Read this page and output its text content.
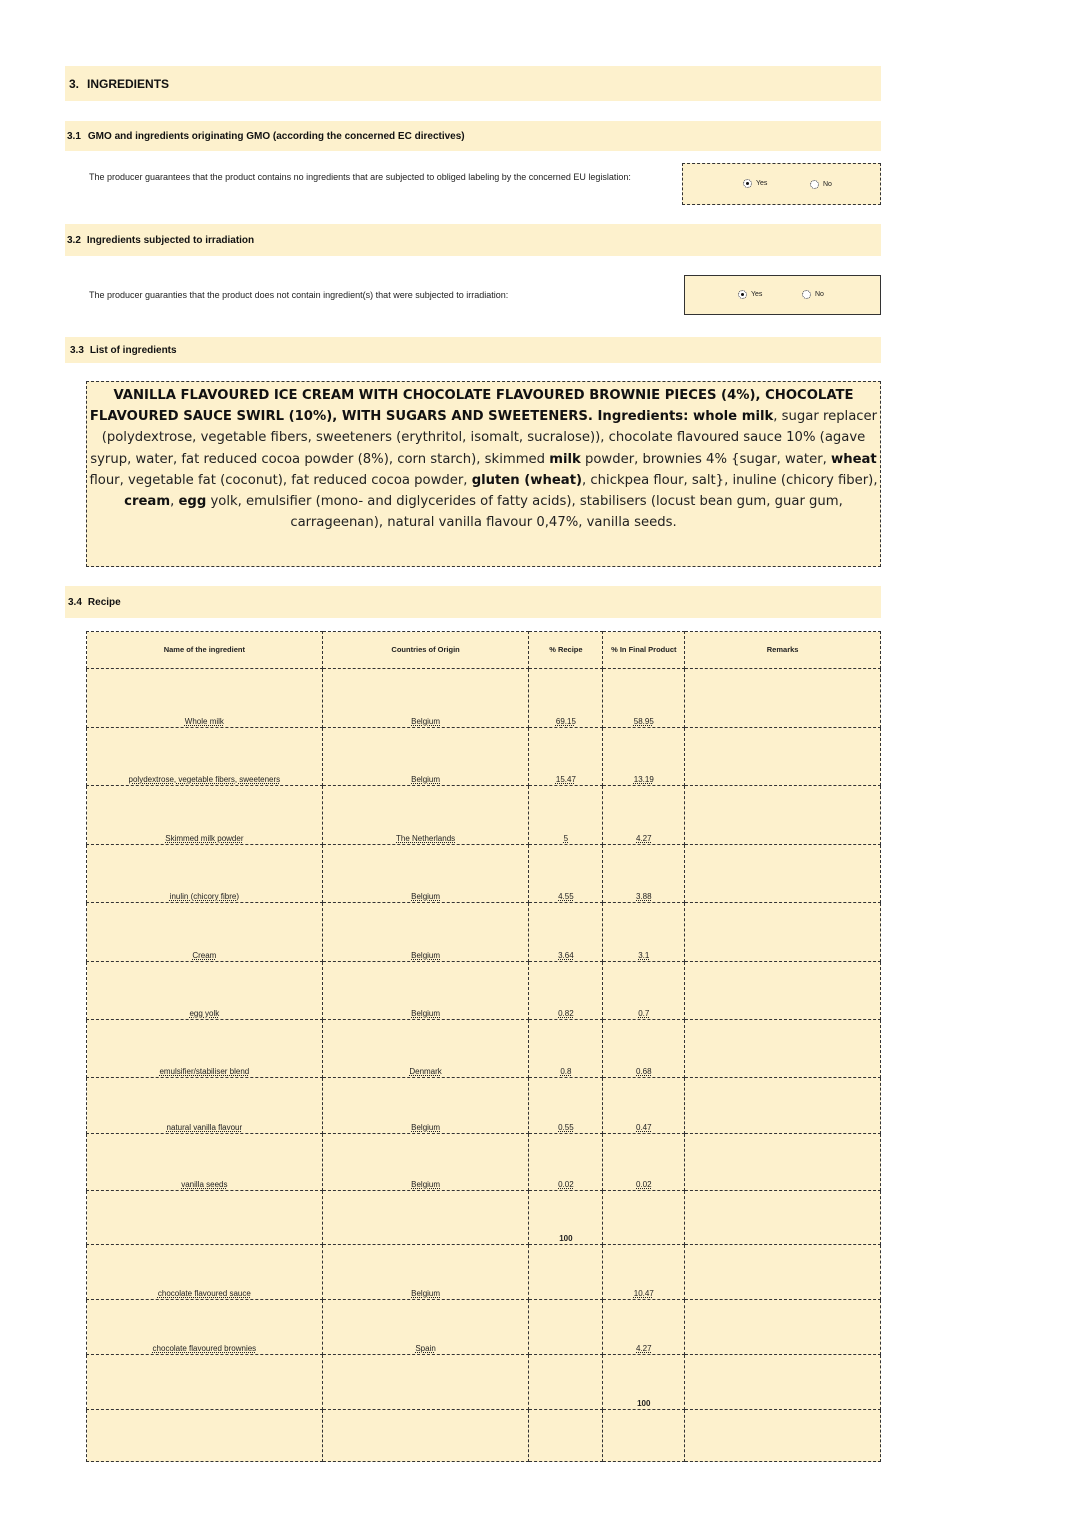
3. INGREDIENTS
3.1 GMO and ingredients originating GMO (according the concerned EC directives)
The producer guarantees that the product contains no ingredients that are subjected to obliged labeling by the concerned EU legislation:
Yes	No
3.2 Ingredients subjected to irradiation
The producer guaranties that the product does not contain ingredient(s) that were subjected to irradiation:	Yes	No
3.3 List of ingredients
VANILLA FLAVOURED ICE CREAM WITH CHOCOLATE FLAVOURED BROWNIE PIECES (4%), CHOCOLATE FLAVOURED SAUCE SWIRL (10%), WITH SUGARS AND SWEETENERS. Ingredients: whole milk, sugar replacer (polydextrose, vegetable fibers, sweeteners (erythritol, isomalt, sucralose)), chocolate flavoured sauce 10% (agave syrup, water, fat reduced cocoa powder (8%), corn starch), skimmed milk powder, brownies 4% {sugar, water, wheat flour, vegetable fat (coconut), fat reduced cocoa powder, gluten (wheat), chickpea flour, salt}, inuline (chicory fiber), cream, egg yolk, emulsifier (mono- and diglycerides of fatty acids), stabilisers (locust bean gum, guar gum, carrageenan), natural vanilla flavour 0,47%, vanilla seeds.
3.4 Recipe
Name of the ingredient	Countries of Origin	% Recipe	% In Final Product	Remarks
Whole milk	Belgium	69.15	58.95	
polydextrose, vegetable fibers, sweeteners	Belgium	15.47	13.19	
Skimmed milk powder	The Netherlands	5	4.27	
inulin (chicory fibre)	Belgium	4.55	3.88	
Cream	Belgium	3.64	3.1	
egg yolk	Belgium	0.82	0.7	
emulsifier/stabiliser blend	Denmark	0.8	0.68	
natural vanilla flavour	Belgium	0.55	0.47	
vanilla seeds	Belgium	0.02	0.02	
		100		
chocolate flavoured sauce	Belgium		10.47	
chocolate flavoured brownies	Spain		4.27	
			100	
